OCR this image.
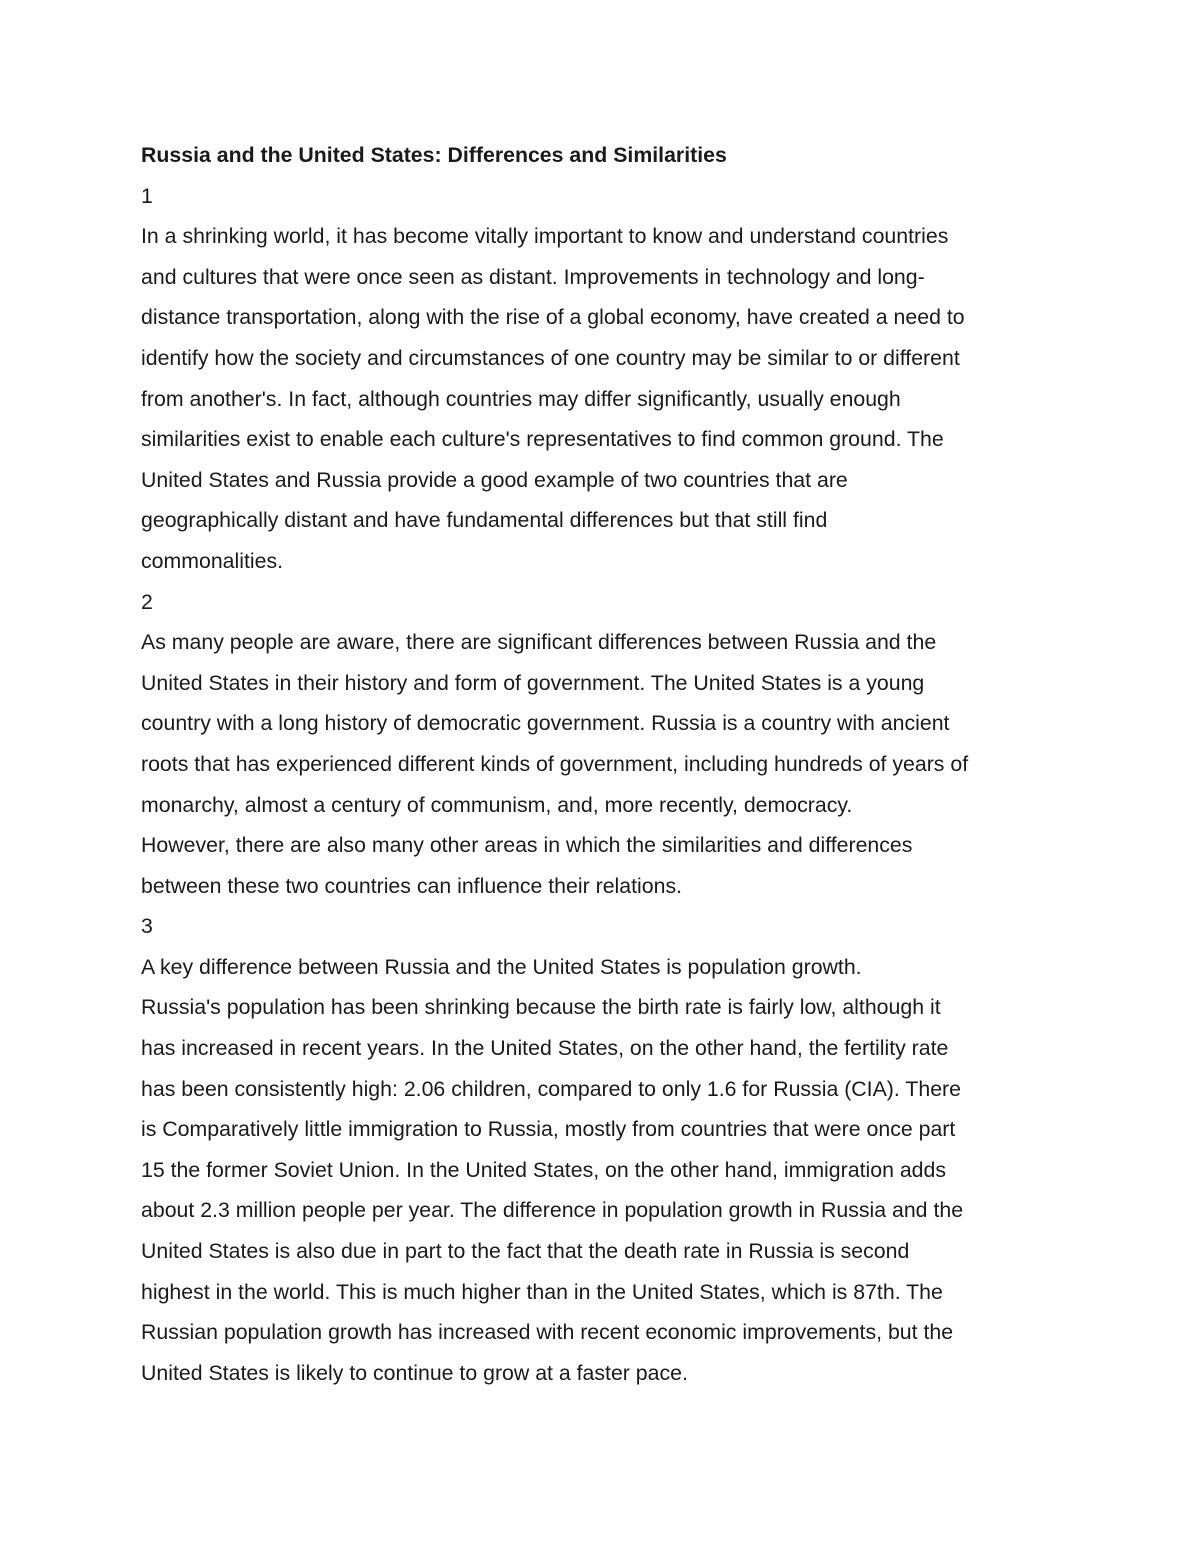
Russia and the United States: Differences and Similarities

1

In a shrinking world, it has become vitally important to know and understand countries

and cultures that were once seen as distant. Improvements in technology and long-

distance transportation, along with the rise of a global economy, have created a need to

identify how the society and circumstances of one country may be similar to or different

from another's. In fact, although countries may differ significantly, usually enough

similarities exist to enable each culture's representatives to find common ground. The

United States and Russia provide a good example of two countries that are

geographically distant and have fundamental differences but that still find

commonalities.

2

As many people are aware, there are significant differences between Russia and the

United States in their history and form of government. The United States is a young

country with a long history of democratic government. Russia is a country with ancient

roots that has experienced different kinds of government, including hundreds of years of

monarchy, almost a century of communism, and, more recently, democracy.

However, there are also many other areas in which the similarities and differences

between these two countries can influence their relations.

3

A key difference between Russia and the United States is population growth.

Russia's population has been shrinking because the birth rate is fairly low, although it

has increased in recent years. In the United States, on the other hand, the fertility rate

has been consistently high: 2.06 children, compared to only 1.6 for Russia (CIA). There

is Comparatively little immigration to Russia, mostly from countries that were once part

15 the former Soviet Union. In the United States, on the other hand, immigration adds

about 2.3 million people per year. The difference in population growth in Russia and the

United States is also due in part to the fact that the death rate in Russia is second

highest in the world. This is much higher than in the United States, which is 87th. The

Russian population growth has increased with recent economic improvements, but the

United States is likely to continue to grow at a faster pace.
